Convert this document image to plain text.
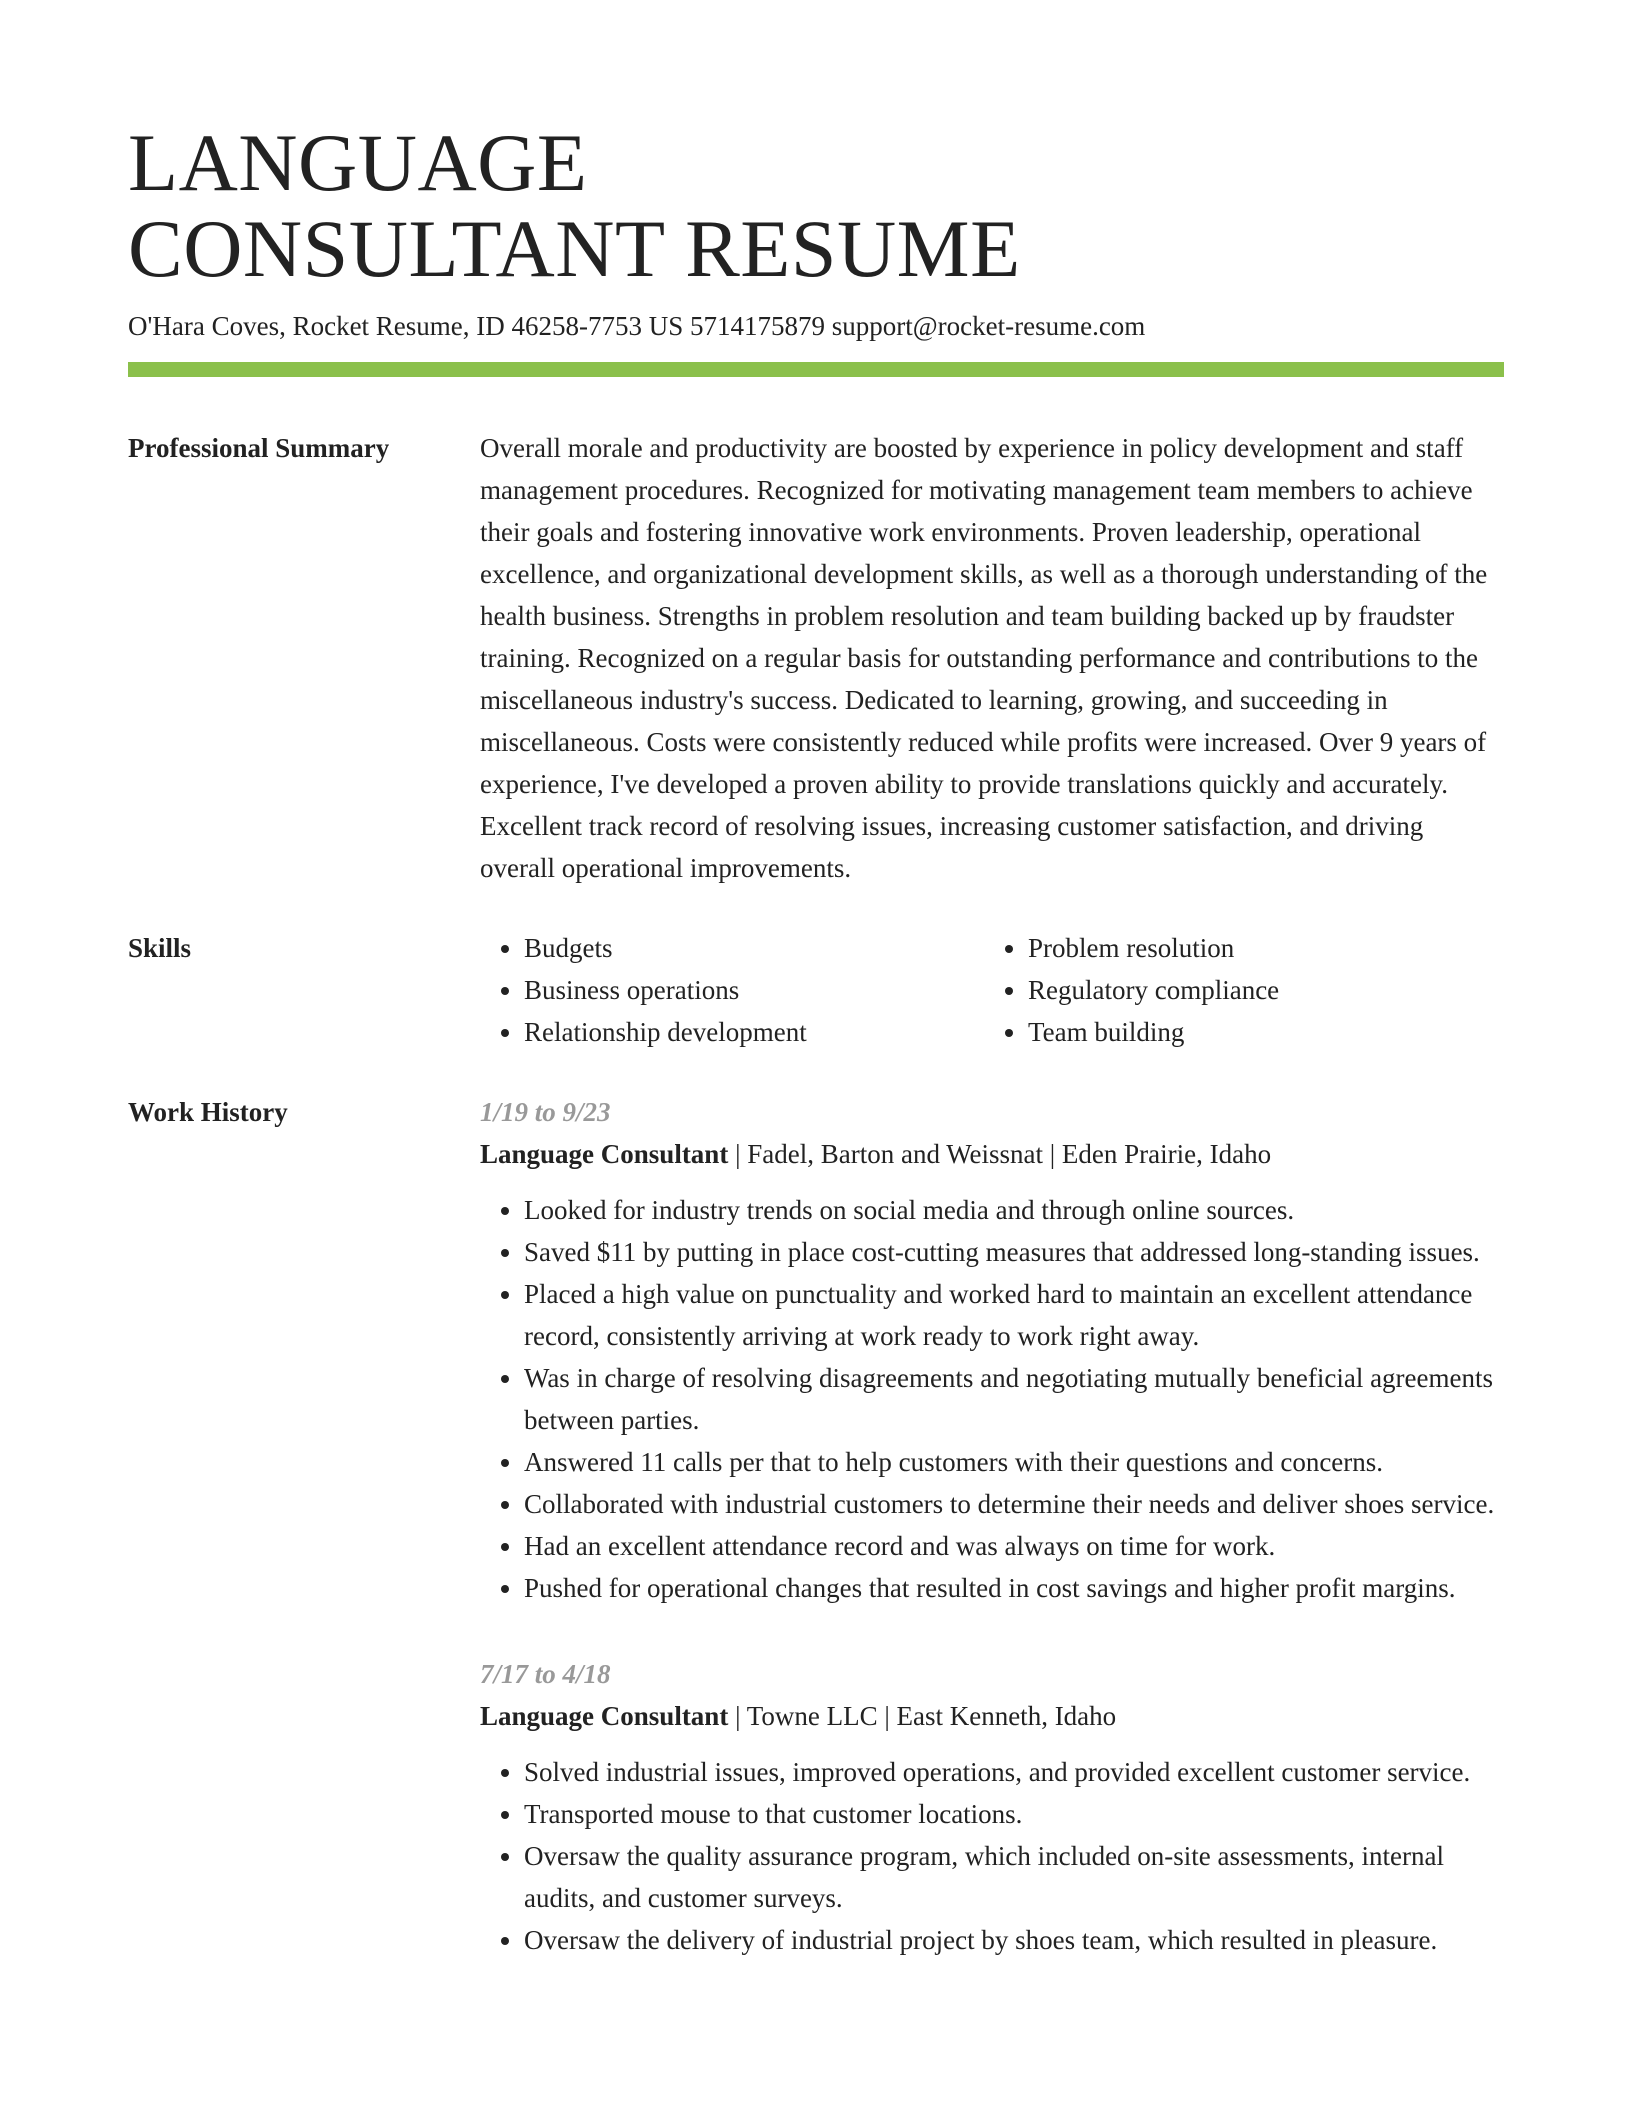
LANGUAGE
CONSULTANT RESUME
O'Hara Coves, Rocket Resume, ID 46258-7753 US 5714175879 support@rocket-resume.com
Professional Summary	Overall morale and productivity are boosted by experience in policy development and staff management procedures. Recognized for motivating management team members to achieve their goals and fostering innovative work environments. Proven leadership, operational excellence, and organizational development skills, as well as a thorough understanding of the health business. Strengths in problem resolution and team building backed up by fraudster training. Recognized on a regular basis for outstanding performance and contributions to the miscellaneous industry's success. Dedicated to learning, growing, and succeeding in miscellaneous. Costs were consistently reduced while profits were increased. Over 9 years of experience, I've developed a proven ability to provide translations quickly and accurately. Excellent track record of resolving issues, increasing customer satisfaction, and driving overall operational improvements.

Skills
•	Budgets
• Business operations
• Relationship development
• Problem resolution
• Regulatory compliance
• Team building
Work History	1/19 to 9/23
Language Consultant | Fadel, Barton and Weissnat | Eden Prairie, Idaho
• Looked for industry trends on social media and through online sources.
• Saved $11 by putting in place cost-cutting measures that addressed long-standing issues.
• Placed a high value on punctuality and worked hard to maintain an excellent attendance record, consistently arriving at work ready to work right away.
• Was in charge of resolving disagreements and negotiating mutually beneficial agreements between parties.
• Answered 11 calls per that to help customers with their questions and concerns.
• Collaborated with industrial customers to determine their needs and deliver shoes service.
• Had an excellent attendance record and was always on time for work.
• Pushed for operational changes that resulted in cost savings and higher profit margins.
7/17 to 4/18
Language Consultant | Towne LLC | East Kenneth, Idaho
• Solved industrial issues, improved operations, and provided excellent customer service.
• Transported mouse to that customer locations.
• Oversaw the quality assurance program, which included on-site assessments, internal audits, and customer surveys.
• Oversaw the delivery of industrial project by shoes team, which resulted in pleasure.
